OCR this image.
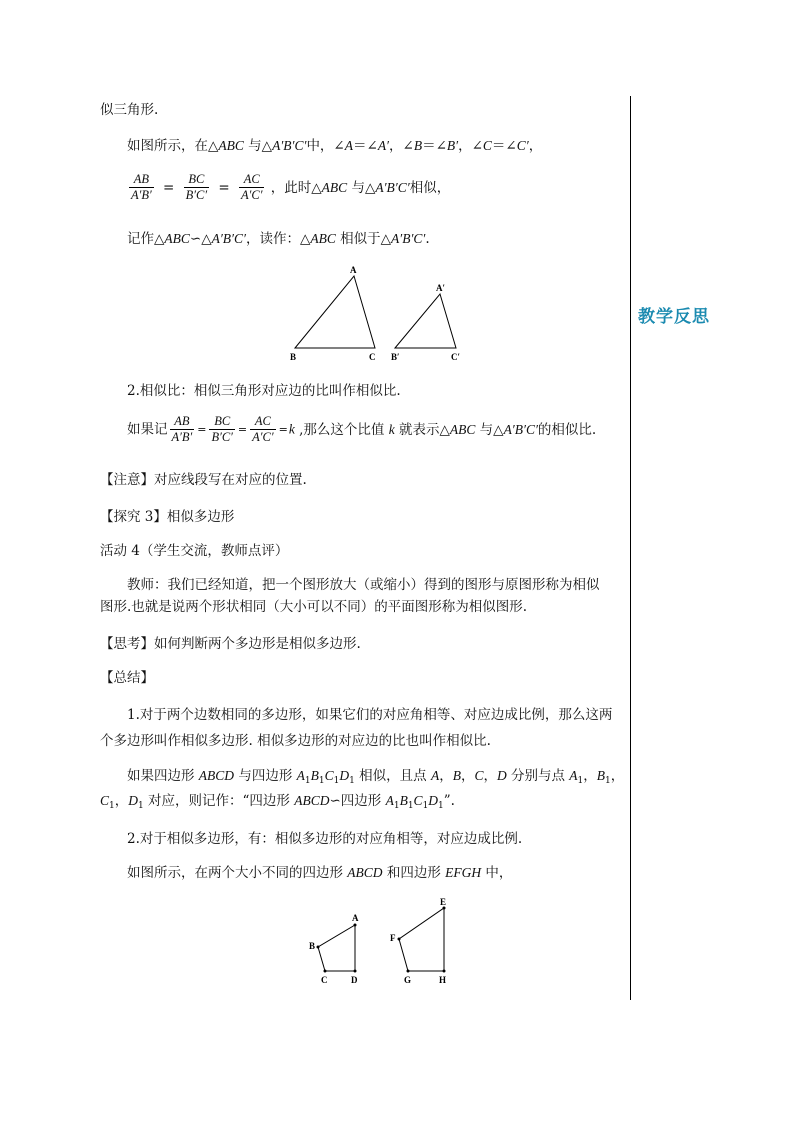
教学反思
似三角形.
如图所示，在△ABC 与△A′B′C′中，∠A＝∠A′，∠B＝∠B′，∠C＝∠C′，
$\frac{AB}{A'B'} = \frac{BC}{B'C'} = \frac{AC}{A'C'}$ ，此时△ABC 与△A′B′C′相似，
记作△ABC∽△A′B′C′，读作：△ABC 相似于△A′B′C′.
A
B	C
A′
B′	C′
2.相似比：相似三角形对应边的比叫作相似比.
如果记 $\frac{AB}{A'B'} = \frac{BC}{B'C'} = \frac{AC}{A'C'} =k$ ,那么这个比值 k 就表示△ABC 与△A′B′C′的相似比.
【注意】对应线段写在对应的位置.
【探究 3】相似多边形
活动 4（学生交流，教师点评）
教师：我们已经知道，把一个图形放大（或缩小）得到的图形与原图形称为相似
图形.也就是说两个形状相同（大小可以不同）的平面图形称为相似图形.
【思考】如何判断两个多边形是相似多边形.
【总结】
1.对于两个边数相同的多边形，如果它们的对应角相等、对应边成比例，那么这两
个多边形叫作相似多边形. 相似多边形的对应边的比也叫作相似比.
如果四边形 ABCD 与四边形 $A_1B_1C_1D_1$ 相似，且点 A，B，C，D 分别与点 $A_1$，$B_1$，
$C_1$，$D_1$ 对应，则记作：“四边形 ABCD∽四边形 $A_1B_1C_1D_1$”.
2.对于相似多边形，有：相似多边形的对应角相等，对应边成比例.
如图所示，在两个大小不同的四边形 ABCD 和四边形 EFGH 中，
A
B
C	D
E
F
G	H
